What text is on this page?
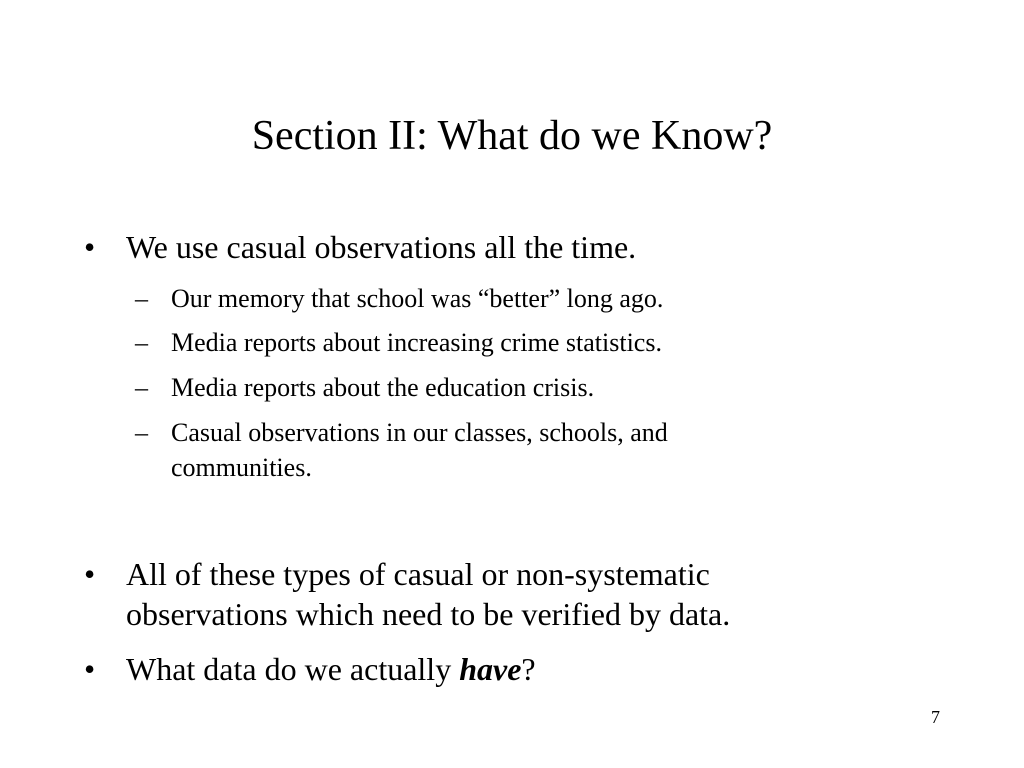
Section II: What do we Know?
• We use casual observations all the time.
– Our memory that school was “better” long ago.
– Media reports about increasing crime statistics.
– Media reports about the education crisis.
– Casual observations in our classes, schools, and
communities.
• All of these types of casual or non-systematic
observations which need to be verified by data.
• What data do we actually have?
7
